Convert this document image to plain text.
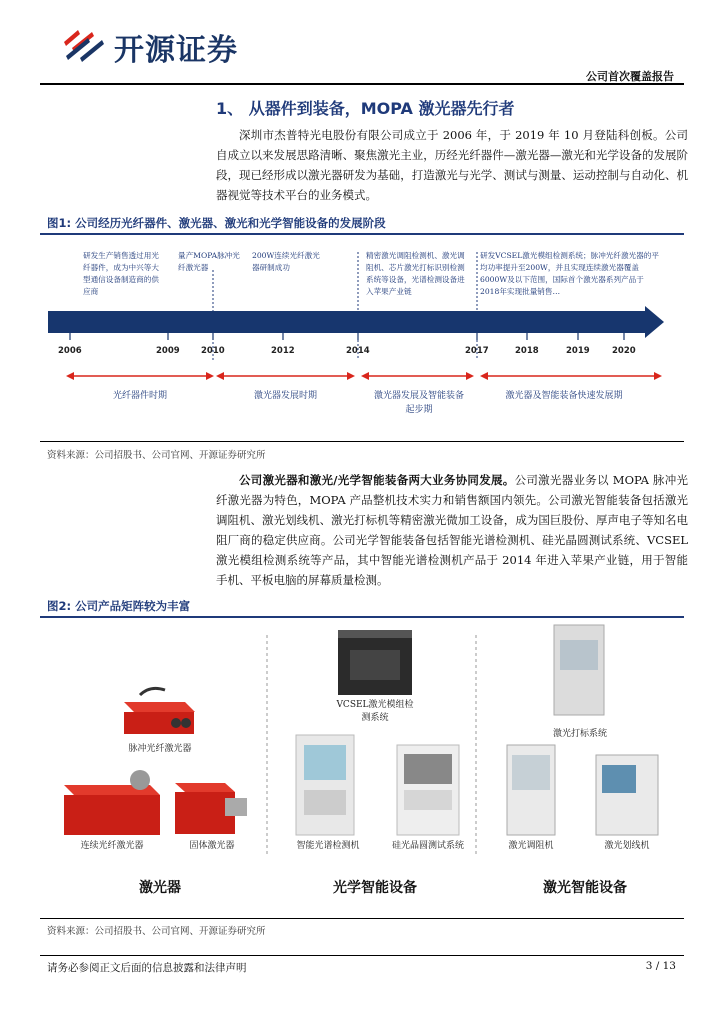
开源证券
公司首次覆盖报告
1、 从器件到装备，MOPA 激光器先行者
深圳市杰普特光电股份有限公司成立于 2006 年，于 2019 年 10 月登陆科创板。公司自成立以来发展思路清晰、聚焦激光主业，历经光纤器件—激光器—激光和光学设备的发展阶段，现已经形成以激光器研发为基础，打造激光与光学、测试与测量、运动控制与自动化、机器视觉等技术平台的业务模式。
图1: 公司经历光纤器件、激光器、激光和光学智能设备的发展阶段
研发生产销售透过用光纤器件，成为中兴等大型通信设备制造商的供应商
量产MOPA脉冲光纤激光器
200W连续光纤激光器研制成功
精密激光调阻检测机、激光调阻机、芯片激光打标识别检测系统等设备，光谱检测设备进入苹果产业链
研发VCSEL激光模组检测系统；脉冲光纤激光器的平均功率提升至200W，并且实现连续激光器覆盖6000W及以下范围，国际首个激光器系列产品于2018年实现批量销售…
2006	2009	2010	2012	2014	2017	2018	2019	2020
光纤器件时期	激光器发展时期	激光器发展及智能装备起步期
激光器及智能装备快速发展期
资料来源：公司招股书、公司官网、开源证券研究所
公司激光器和激光/光学智能装备两大业务协同发展。公司激光器业务以 MOPA 脉冲光纤激光器为特色，MOPA 产品整机技术实力和销售额国内领先。公司激光智能装备包括激光调阻机、激光划线机、激光打标机等精密激光微加工设备，成为国巨股份、厚声电子等知名电阻厂商的稳定供应商。公司光学智能装备包括智能光谱检测机、硅光晶圆测试系统、VCSEL 激光模组检测系统等产品，其中智能光谱检测机产品于 2014 年进入苹果产业链，用于智能手机、平板电脑的屏幕质量检测。
图2: 公司产品矩阵较为丰富
脉冲光纤激光器
VCSEL激光模组检测系统
激光打标系统
连续光纤激光器	固体激光器	智能光谱检测机	硅光晶圆测试系统	激光调阻机	激光划线机
激光器	光学智能设备	激光智能设备
资料来源：公司招股书、公司官网、开源证券研究所
请务必参阅正文后面的信息披露和法律声明	3 / 13
